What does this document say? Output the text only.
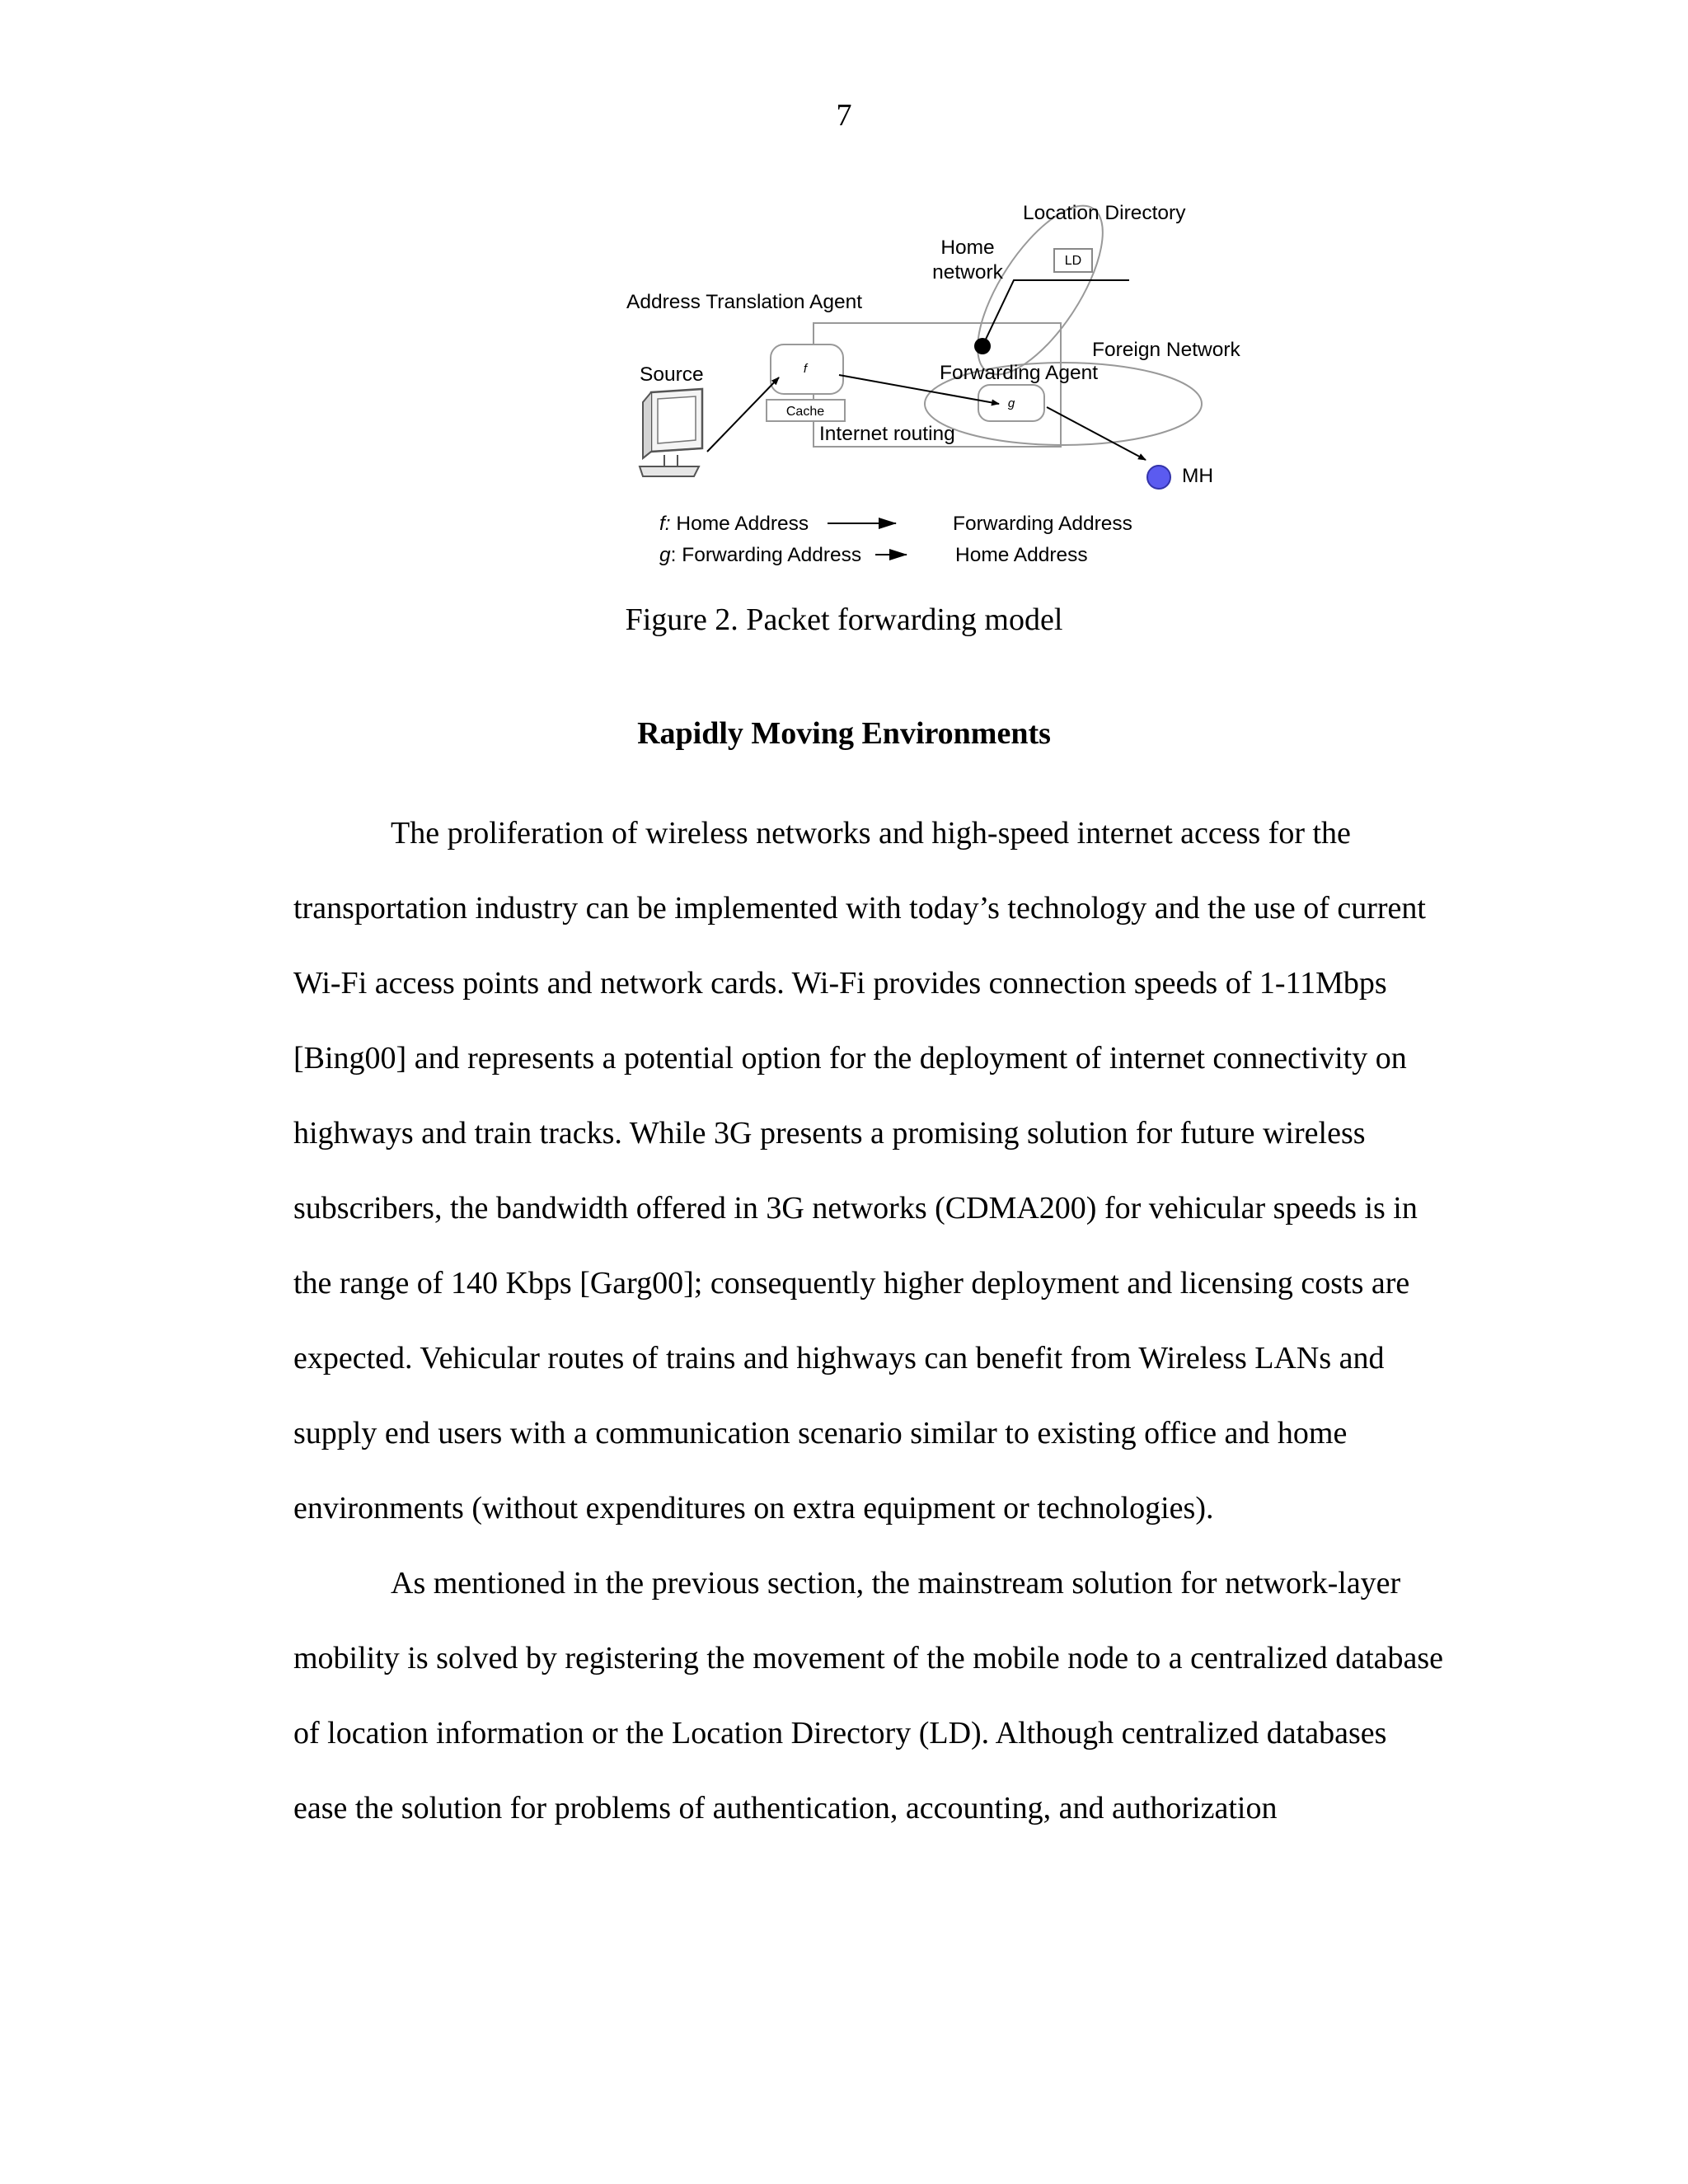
7
Location Directory
Home
network
LD
Address Translation Agent
Foreign Network
Source	f	Forwarding Agent
g
Cache
Internet routing
MH
f: Home Address	Forwarding Address
g: Forwarding Address	Home Address
Figure 2. Packet forwarding model
Rapidly Moving Environments

The proliferation of wireless networks and high-speed internet access for the transportation industry can be implemented with today’s technology and the use of current Wi-Fi access points and network cards. Wi-Fi provides connection speeds of 1-11Mbps [Bing00] and represents a potential option for the deployment of internet connectivity on highways and train tracks. While 3G presents a promising solution for future wireless subscribers, the bandwidth offered in 3G networks (CDMA200) for vehicular speeds is in the range of 140 Kbps [Garg00]; consequently higher deployment and licensing costs are expected. Vehicular routes of trains and highways can benefit from Wireless LANs and supply end users with a communication scenario similar to existing office and home environments (without expenditures on extra equipment or technologies).

As mentioned in the previous section, the mainstream solution for network-layer mobility is solved by registering the movement of the mobile node to a centralized database of location information or the Location Directory (LD). Although centralized databases ease the solution for problems of authentication, accounting, and authorization
